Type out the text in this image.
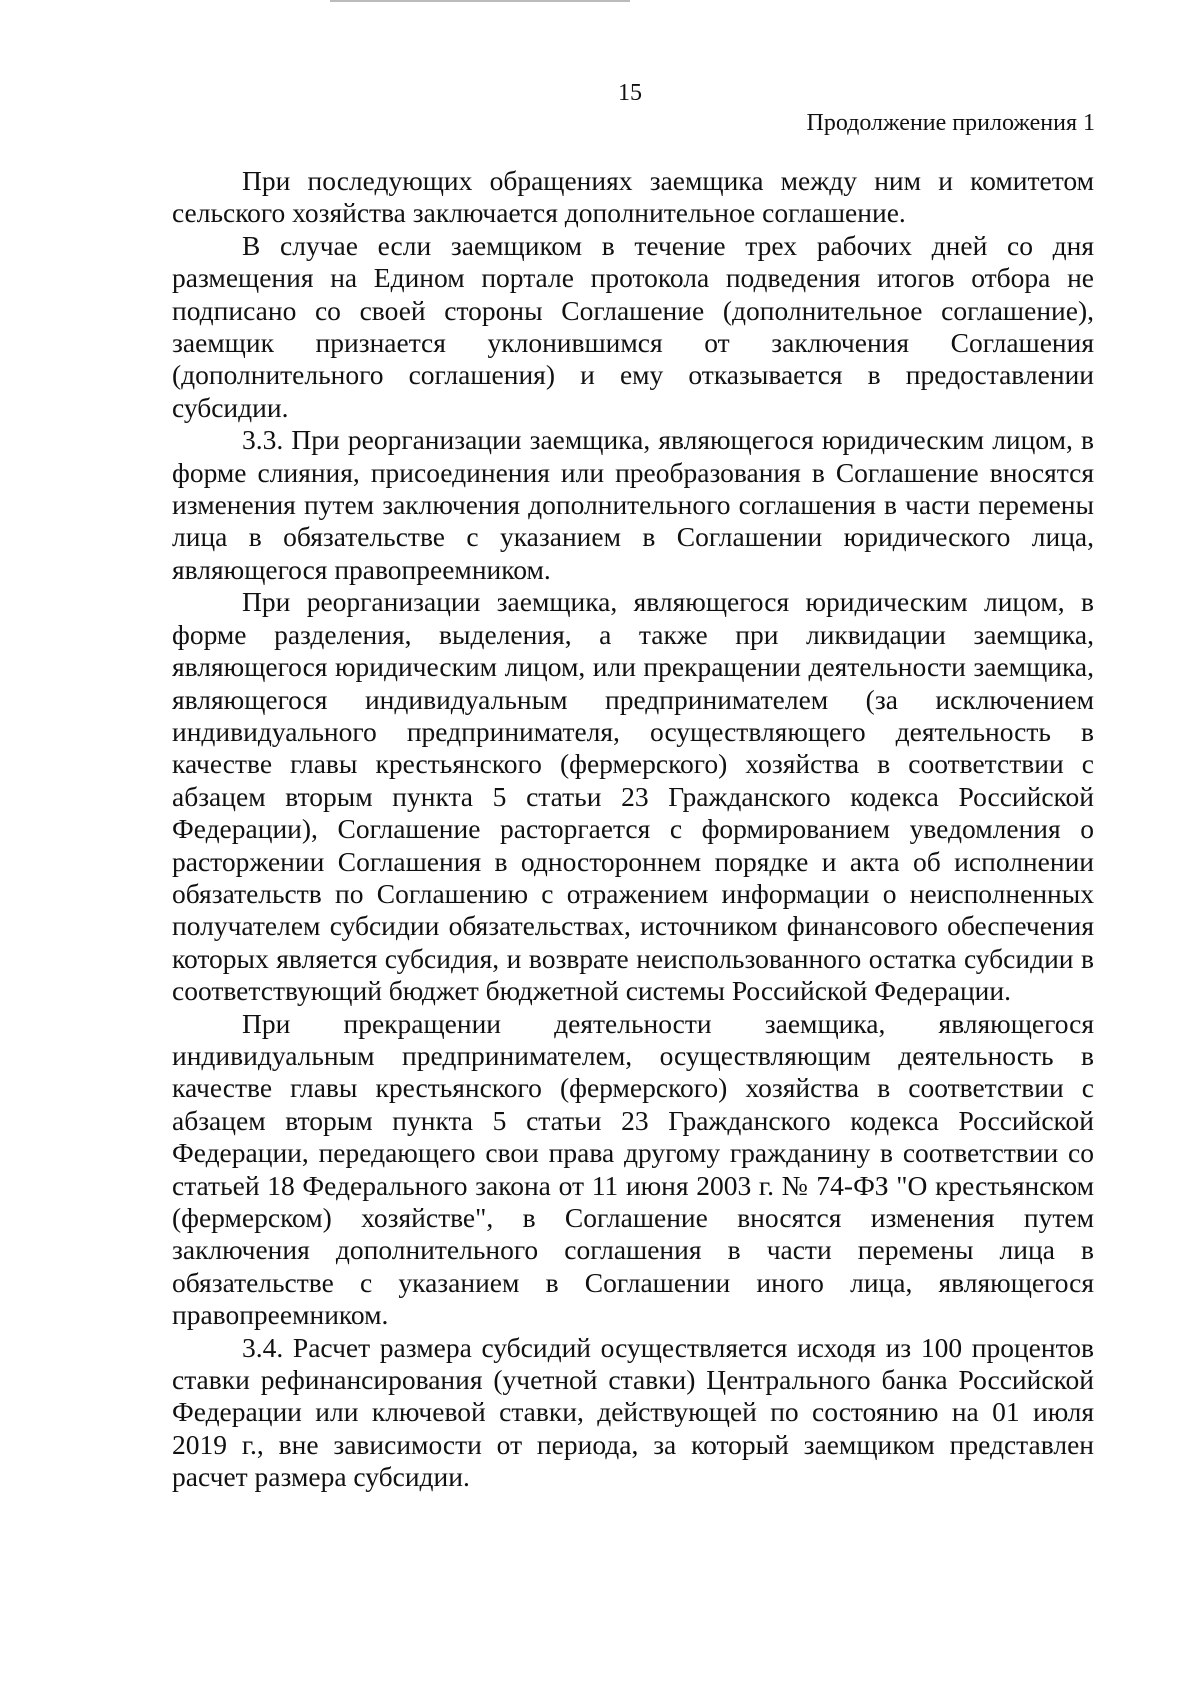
15
Продолжение приложения 1

При последующих обращениях заемщика между ним и комитетом сельского хозяйства заключается дополнительное соглашение.

В случае если заемщиком в течение трех рабочих дней со дня размещения на Едином портале протокола подведения итогов отбора не подписано со своей стороны Соглашение (дополнительное соглашение), заемщик признается уклонившимся от заключения Соглашения (дополнительного соглашения) и ему отказывается в предоставлении субсидии.

3.3. При реорганизации заемщика, являющегося юридическим лицом, в форме слияния, присоединения или преобразования в Соглашение вносятся изменения путем заключения дополнительного соглашения в части перемены лица в обязательстве с указанием в Соглашении юридического лица, являющегося правопреемником.

При реорганизации заемщика, являющегося юридическим лицом, в форме разделения, выделения, а также при ликвидации заемщика, являющегося юридическим лицом, или прекращении деятельности заемщика, являющегося индивидуальным предпринимателем (за исключением индивидуального предпринимателя, осуществляющего деятельность в качестве главы крестьянского (фермерского) хозяйства в соответствии с абзацем вторым пункта 5 статьи 23 Гражданского кодекса Российской Федерации), Соглашение расторгается с формированием уведомления о расторжении Соглашения в одностороннем порядке и акта об исполнении обязательств по Соглашению с отражением информации о неисполненных получателем субсидии обязательствах, источником финансового обеспечения которых является субсидия, и возврате неиспользованного остатка субсидии в соответствующий бюджет бюджетной системы Российской Федерации.

При прекращении деятельности заемщика, являющегося индивидуальным предпринимателем, осуществляющим деятельность в качестве главы крестьянского (фермерского) хозяйства в соответствии с абзацем вторым пункта 5 статьи 23 Гражданского кодекса Российской Федерации, передающего свои права другому гражданину в соответствии со статьей 18 Федерального закона от 11 июня 2003 г. № 74-ФЗ "О крестьянском (фермерском) хозяйстве", в Соглашение вносятся изменения путем заключения дополнительного соглашения в части перемены лица в обязательстве с указанием в Соглашении иного лица, являющегося правопреемником.

3.4. Расчет размера субсидий осуществляется исходя из 100 процентов ставки рефинансирования (учетной ставки) Центрального банка Российской Федерации или ключевой ставки, действующей по состоянию на 01 июля 2019 г., вне зависимости от периода, за который заемщиком представлен расчет размера субсидии.
